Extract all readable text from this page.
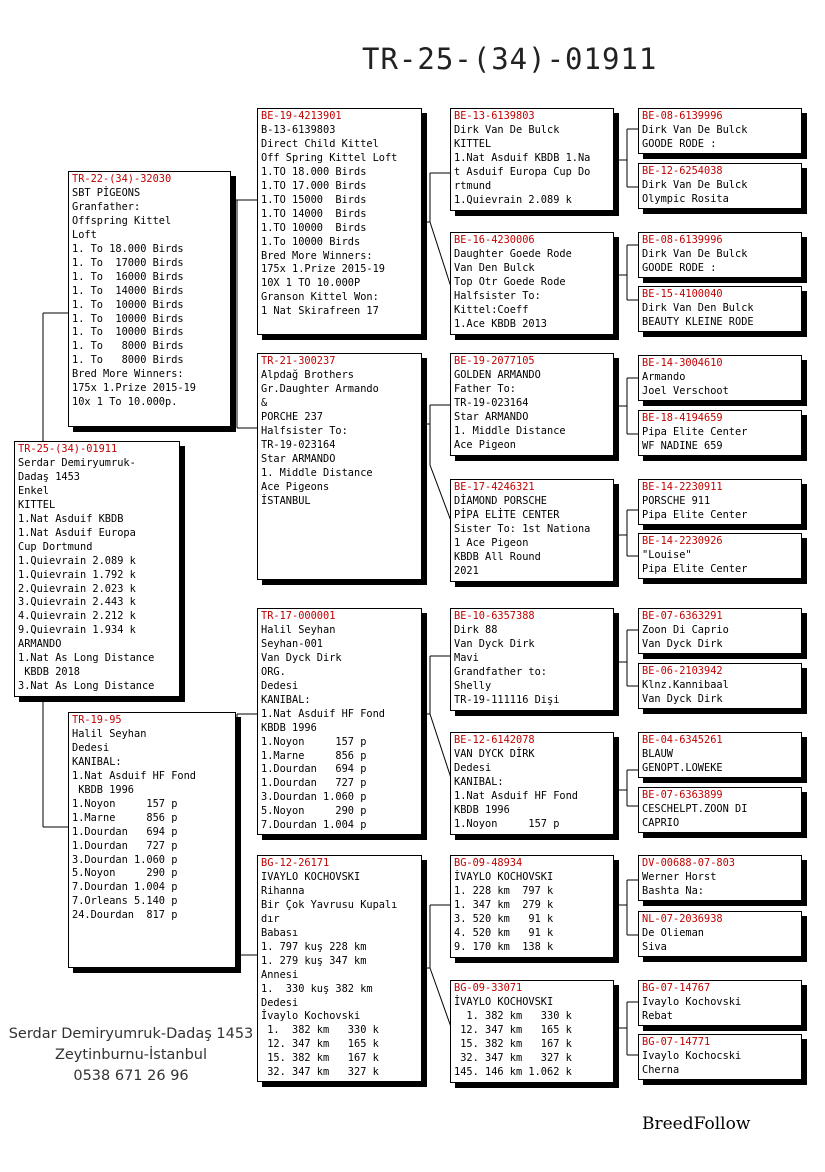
TR-25-(34)-01911
TR-25-(34)-01911
Serdar Demiryumruk-
Dadaş 1453
Enkel
KITTEL
1.Nat Asduif KBDB
1.Nat Asduif Europa
Cup Dortmund
1.Quievrain 2.089 k
1.Quievrain 1.792 k
2.Quievrain 2.023 k
3.Quievrain 2.443 k
4.Quievrain 2.212 k
9.Quievrain 1.934 k
ARMANDO
1.Nat As Long Distance
KBDB 2018
3.Nat As Long Distance
TR-22-(34)-32030
SBT PİGEONS
Granfather:
Offspring Kittel
Loft
1. To 18.000 Birds
1. To  17000 Birds
1. To  16000 Birds
1. To  14000 Birds
1. To  10000 Birds
1. To  10000 Birds
1. To  10000 Birds
1. To   8000 Birds
1. To   8000 Birds
Bred More Winners:
175x 1.Prize 2015-19
10x 1 To 10.000p.
TR-19-95
Halil Seyhan
Dedesi
KANIBAL:
1.Nat Asduif HF Fond
KBDB 1996
1.Noyon     157 p
1.Marne     856 p
1.Dourdan   694 p
1.Dourdan   727 p
3.Dourdan 1.060 p
5.Noyon     290 p
7.Dourdan 1.004 p
7.Orleans 5.140 p
24.Dourdan  817 p
BE-19-4213901
B-13-6139803
Direct Child Kittel
Off Spring Kittel Loft
1.TO 18.000 Birds
1.TO 17.000 Birds
1.TO 15000  Birds
1.TO 14000  Birds
1.TO 10000  Birds
1.To 10000 Birds
Bred More Winners:
175x 1.Prize 2015-19
10X 1 TO 10.000P
Granson Kittel Won:
1 Nat Skirafreen 17
TR-21-300237
Alpdağ Brothers
Gr.Daughter Armando
&
PORCHE 237
Halfsister To:
TR-19-023164
Star ARMANDO
1. Middle Distance
Ace Pigeons
İSTANBUL
TR-17-000001
Halil Seyhan
Seyhan-001
Van Dyck Dirk
ORG.
Dedesi
KANIBAL:
1.Nat Asduif HF Fond
KBDB 1996
1.Noyon     157 p
1.Marne     856 p
1.Dourdan   694 p
1.Dourdan   727 p
3.Dourdan 1.060 p
5.Noyon     290 p
7.Dourdan 1.004 p
BG-12-26171
IVAYLO KOCHOVSKI
Rihanna
Bir Çok Yavrusu Kupalı
dır
Babası
1. 797 kuş 228 km
1. 279 kuş 347 km
Annesi
1.  330 kuş 382 km
Dedesi
İvaylo Kochovski
1.  382 km   330 k
12. 347 km   165 k
15. 382 km   167 k
32. 347 km   327 k
BE-13-6139803
Dirk Van De Bulck
KITTEL
1.Nat Asduif KBDB 1.Na
t Asduif Europa Cup Do
rtmund
1.Quievrain 2.089 k
BE-16-4230006
Daughter Goede Rode
Van Den Bulck
Top Otr Goede Rode
Halfsister To:
Kittel:Coeff
1.Ace KBDB 2013
BE-19-2077105
GOLDEN ARMANDO
Father To:
TR-19-023164
Star ARMANDO
1. Middle Distance
Ace Pigeon
BE-17-4246321
DİAMOND PORSCHE
PİPA ELİTE CENTER
Sister To: 1st Nationa
1 Ace Pigeon
KBDB All Round
2021
BE-10-6357388
Dirk 88
Van Dyck Dirk
Mavi
Grandfather to:
Shelly
TR-19-111116 Dişi
BE-12-6142078
VAN DYCK DİRK
Dedesi
KANIBAL:
1.Nat Asduif HF Fond
KBDB 1996
1.Noyon     157 p
BG-09-48934
İVAYLO KOCHOVSKI
1. 228 km  797 k
1. 347 km  279 k
3. 520 km   91 k
4. 520 km   91 k
9. 170 km  138 k
BG-09-33071
İVAYLO KOCHOVSKI
1. 382 km   330 k
12. 347 km   165 k
15. 382 km   167 k
32. 347 km   327 k
145. 146 km 1.062 k
BE-08-6139996
Dirk Van De Bulck
GOODE RODE :
BE-12-6254038
Dirk Van De Bulck
Olympic Rosita
BE-08-6139996
Dirk Van De Bulck
GOODE RODE :
BE-15-4100040
Dirk Van Den Bulck
BEAUTY KLEINE RODE
BE-14-3004610
Armando
Joel Verschoot
BE-18-4194659
Pipa Elite Center
WF NADINE 659
BE-14-2230911
PORSCHE 911
Pipa Elite Center
BE-14-2230926
"Louise"
Pipa Elite Center
BE-07-6363291
Zoon Di Caprio
Van Dyck Dirk
BE-06-2103942
Klnz.Kannibaal
Van Dyck Dirk
BE-04-6345261
BLAUW
GENOPT.LOWEKE
BE-07-6363899
CESCHELPT.ZOON DI
CAPRIO
DV-00688-07-803
Werner Horst
Bashta Na:
NL-07-2036938
De Olieman
Siva
BG-07-14767
Ivaylo Kochovski
Rebat
BG-07-14771
Ivaylo Kochocski
Cherna
Serdar Demiryumruk-Dadaş 1453
Zeytinburnu-İstanbul
0538 671 26 96
BreedFollow
